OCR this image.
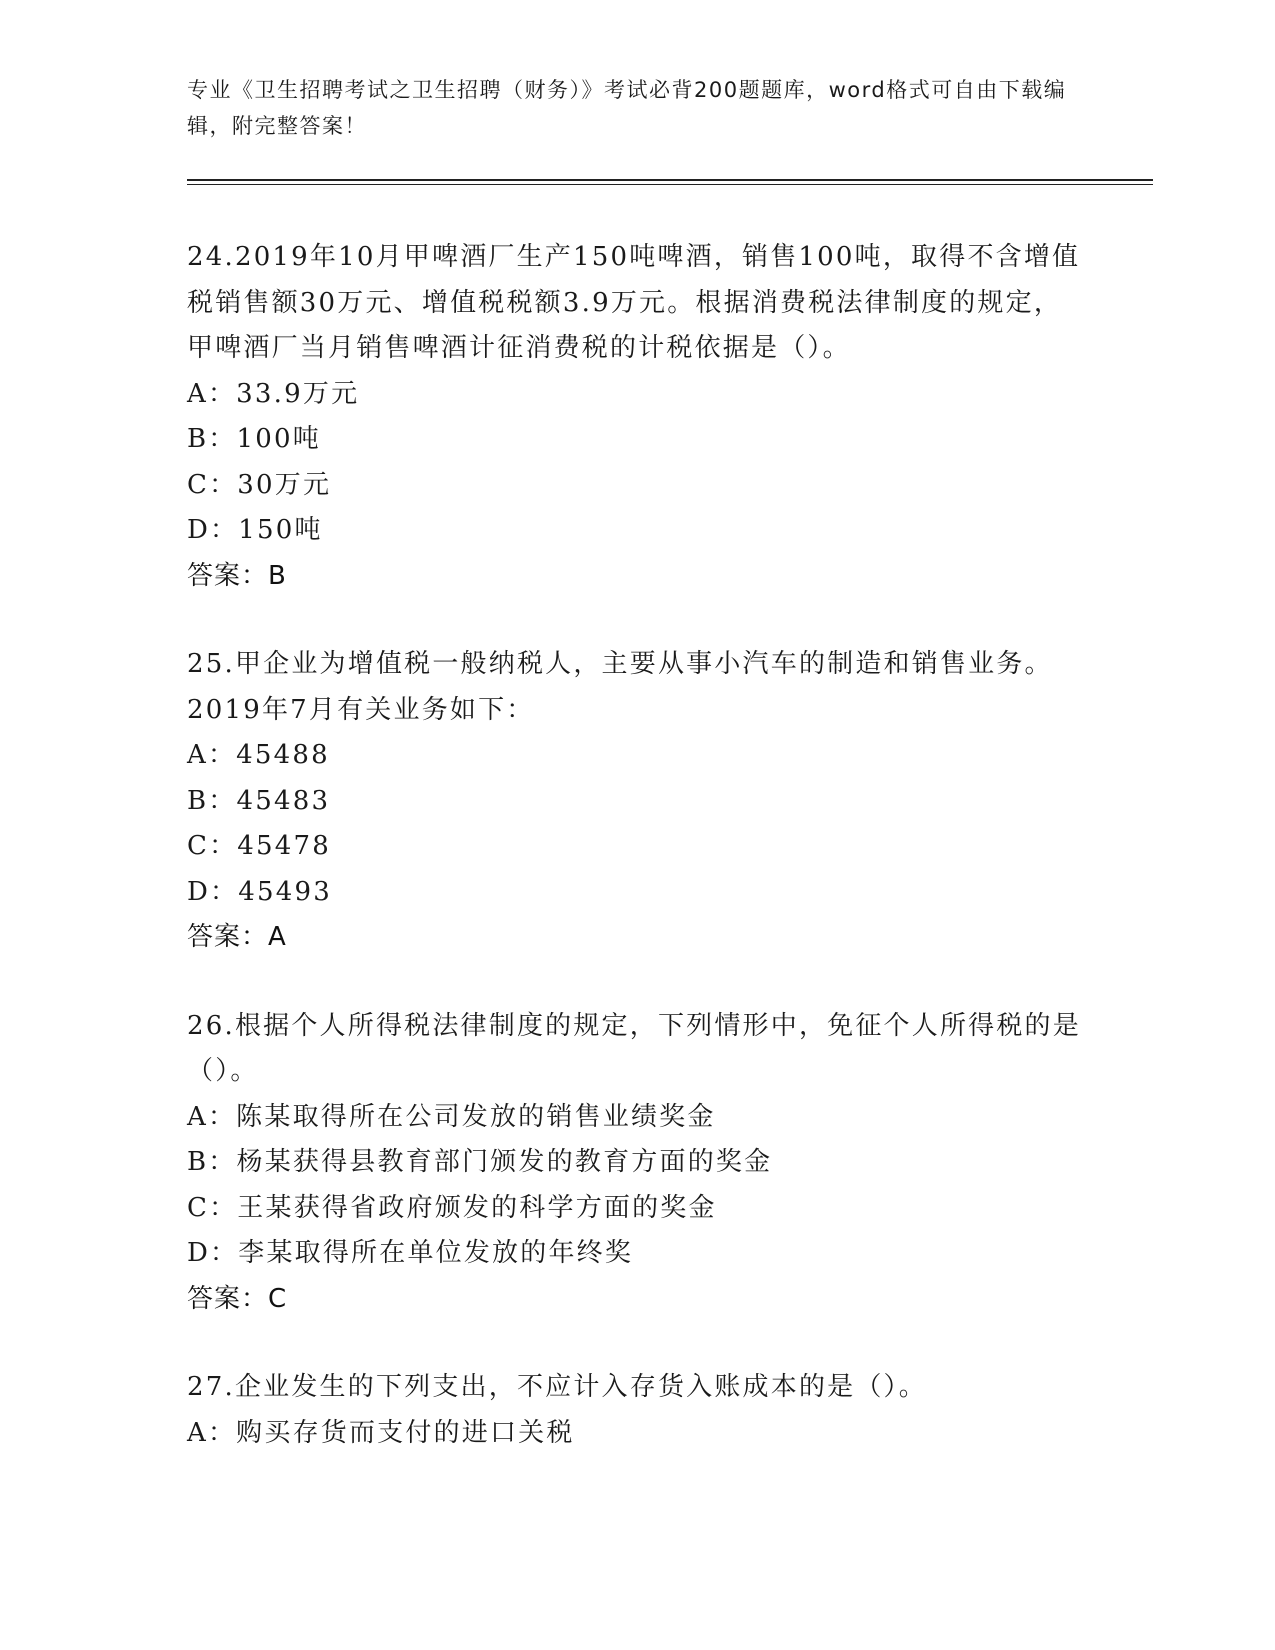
专业《卫生招聘考试之卫生招聘（财务）》考试必背200题题库，word格式可自由下载编辑，附完整答案！

24.2019年10月甲啤酒厂生产150吨啤酒，销售100吨，取得不含增值税销售额30万元、增值税税额3.9万元。根据消费税法律制度的规定，甲啤酒厂当月销售啤酒计征消费税的计税依据是（）。

A：33.9万元

B：100吨

C：30万元

D：150吨

答案：B

25.甲企业为增值税一般纳税人，主要从事小汽车的制造和销售业务。2019年7月有关业务如下：

A：45488

B：45483

C：45478

D：45493

答案：A

26.根据个人所得税法律制度的规定，下列情形中，免征个人所得税的是（）。

A：陈某取得所在公司发放的销售业绩奖金

B：杨某获得县教育部门颁发的教育方面的奖金

C：王某获得省政府颁发的科学方面的奖金

D：李某取得所在单位发放的年终奖

答案：C

27.企业发生的下列支出，不应计入存货入账成本的是（）。

A：购买存货而支付的进口关税
